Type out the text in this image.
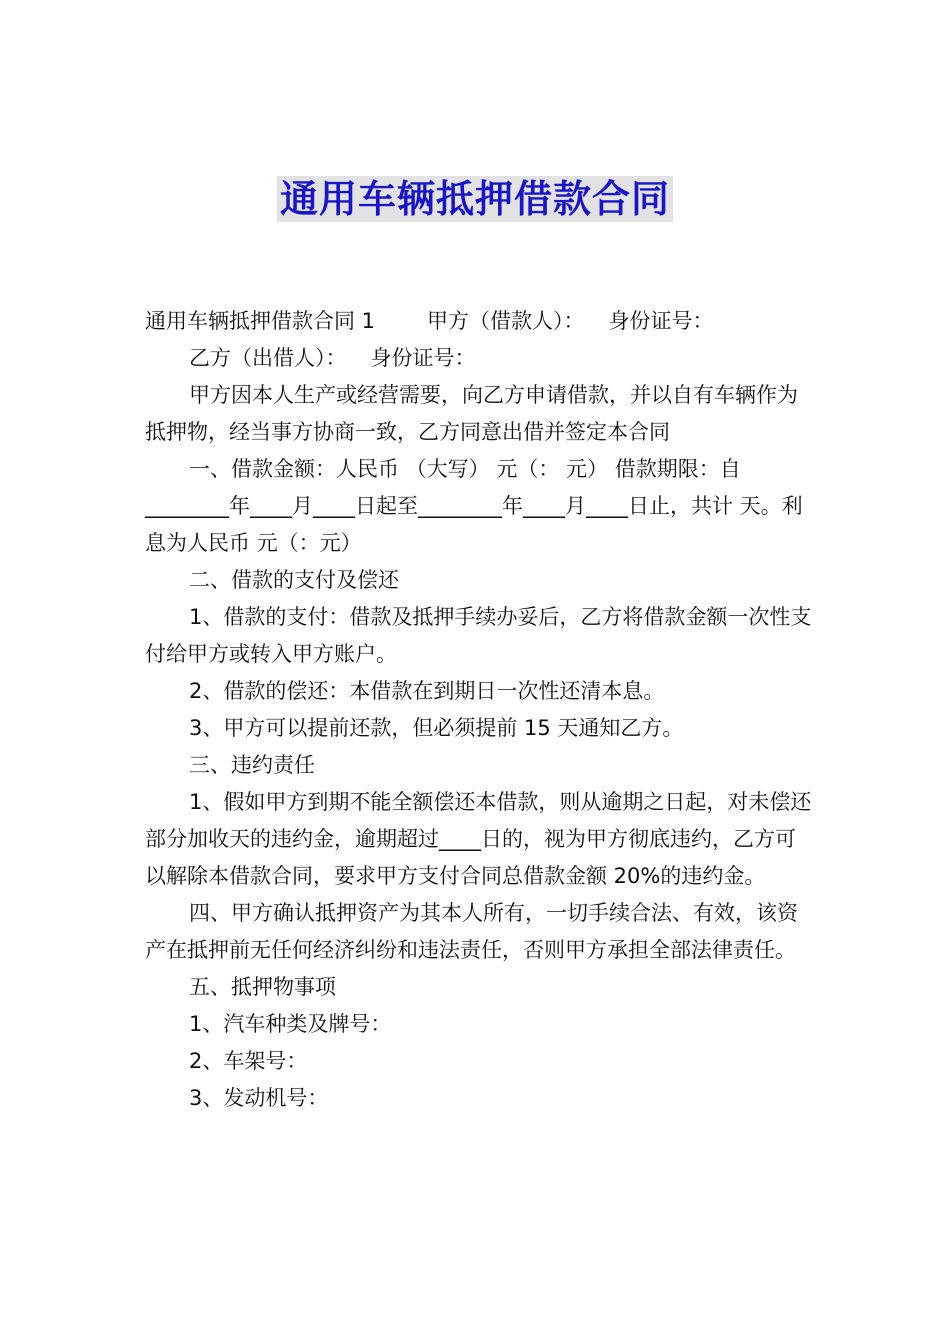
通用车辆抵押借款合同

通用车辆抵押借款合同 1 甲方（借款人）： 身份证号：

乙方（出借人）： 身份证号：

甲方因本人生产或经营需要，向乙方申请借款，并以自有车辆作为抵押物，经当事方协商一致，乙方同意出借并签定本合同

一、借款金额：人民币 （大写） 元（： 元） 借款期限：自________年____月____日起至________年____月____日止，共计 天。利息为人民币 元（：元）

二、借款的支付及偿还

1、借款的支付：借款及抵押手续办妥后，乙方将借款金额一次性支付给甲方或转入甲方账户。

2、借款的偿还：本借款在到期日一次性还清本息。

3、甲方可以提前还款，但必须提前 15 天通知乙方。

三、违约责任

1、假如甲方到期不能全额偿还本借款，则从逾期之日起，对未偿还部分加收天的违约金，逾期超过____日的，视为甲方彻底违约，乙方可以解除本借款合同，要求甲方支付合同总借款金额 20%的违约金。

四、甲方确认抵押资产为其本人所有，一切手续合法、有效，该资产在抵押前无任何经济纠纷和违法责任，否则甲方承担全部法律责任。

五、抵押物事项

1、汽车种类及牌号：

2、车架号：

3、发动机号：
